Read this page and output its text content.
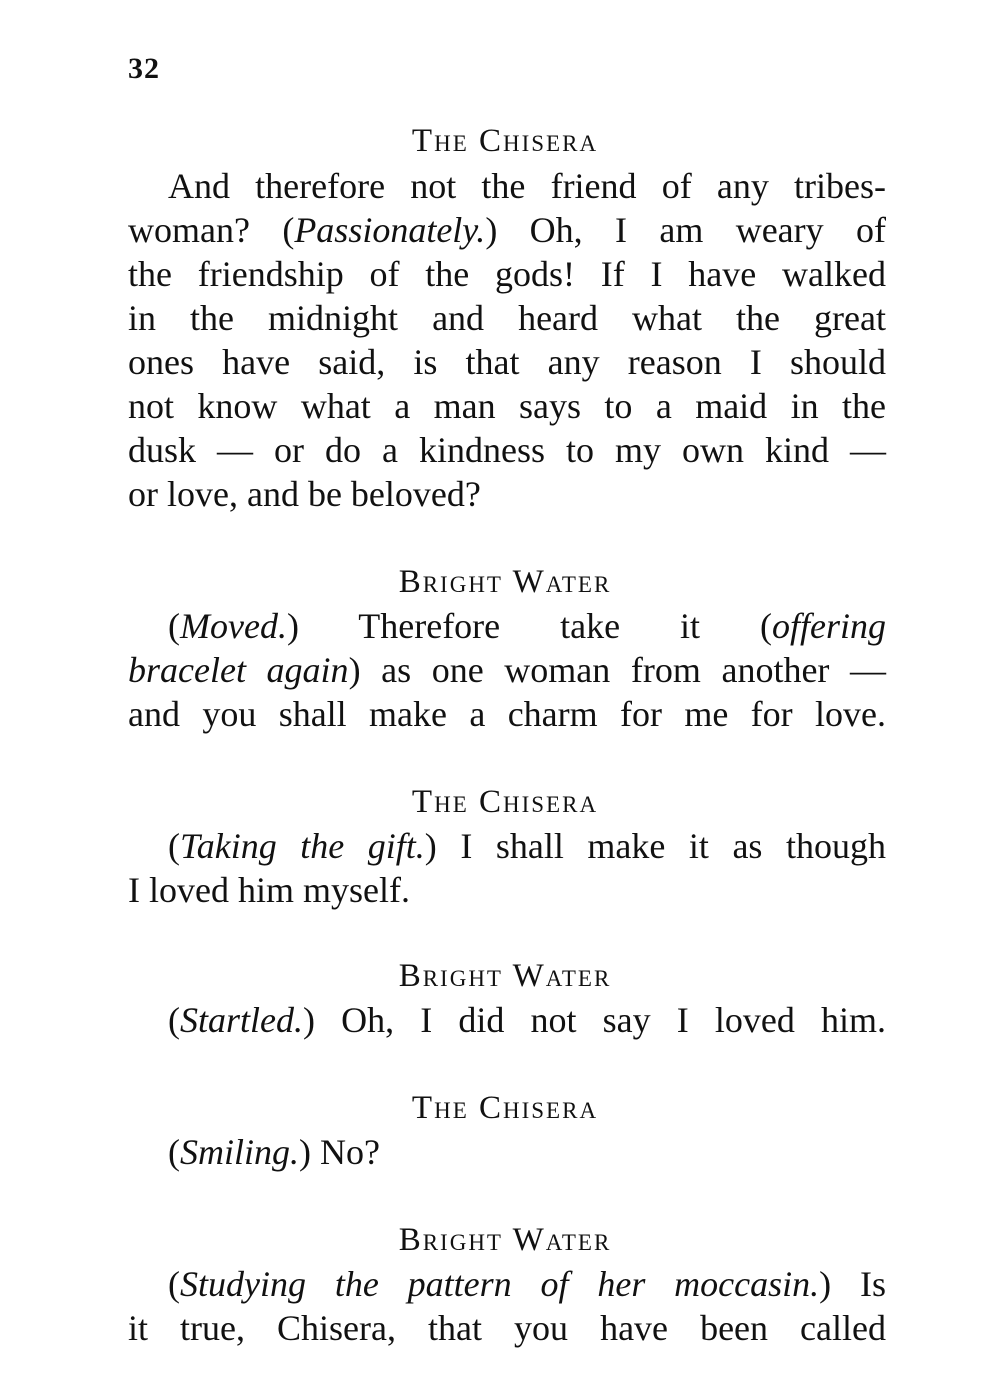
32
The Chisera
And therefore not the friend of any tribes-
woman? (Passionately.) Oh, I am weary of
the friendship of the gods! If I have walked
in the midnight and heard what the great
ones have said, is that any reason I should
not know what a man says to a maid in the
dusk — or do a kindness to my own kind —
or love, and be beloved?
Bright Water
(Moved.) Therefore take it (offering
bracelet again) as one woman from another —
and you shall make a charm for me for love.
The Chisera
(Taking the gift.) I shall make it as though
I loved him myself.
Bright Water
(Startled.) Oh, I did not say I loved him.
The Chisera
(Smiling.) No?
Bright Water
(Studying the pattern of her moccasin.) Is
it true, Chisera, that you have been called
